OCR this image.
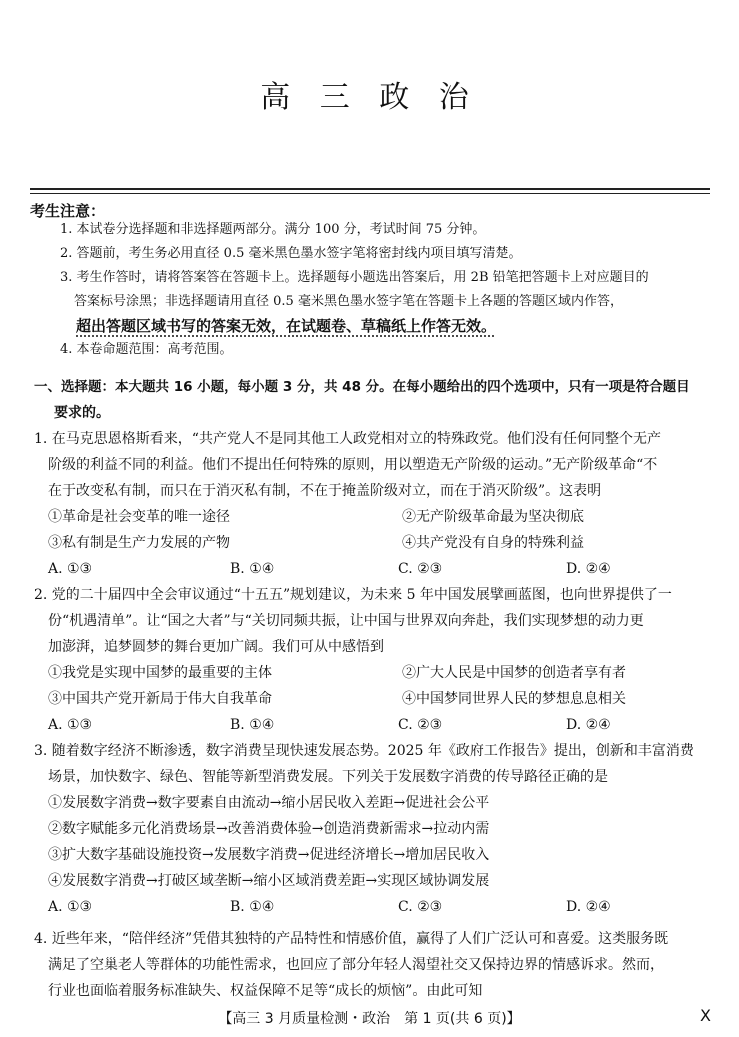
高 三 政 治
考生注意：
1. 本试卷分选择题和非选择题两部分。满分 100 分，考试时间 75 分钟。
2. 答题前，考生务必用直径 0.5 毫米黑色墨水签字笔将密封线内项目填写清楚。
3. 考生作答时，请将答案答在答题卡上。选择题每小题选出答案后，用 2B 铅笔把答题卡上对应题目的
答案标号涂黑；非选择题请用直径 0.5 毫米黑色墨水签字笔在答题卡上各题的答题区域内作答，
超出答题区域书写的答案无效，在试题卷、草稿纸上作答无效。
4. 本卷命题范围：高考范围。
一、选择题：本大题共 16 小题，每小题 3 分，共 48 分。在每小题给出的四个选项中，只有一项是符合题目
要求的。
1. 在马克思恩格斯看来，“共产党人不是同其他工人政党相对立的特殊政党。他们没有任何同整个无产
阶级的利益不同的利益。他们不提出任何特殊的原则，用以塑造无产阶级的运动。”无产阶级革命“不
在于改变私有制，而只在于消灭私有制，不在于掩盖阶级对立，而在于消灭阶级”。这表明
①革命是社会变革的唯一途径	②无产阶级革命最为坚决彻底
③私有制是生产力发展的产物	④共产党没有自身的特殊利益
A. ①③	B. ①④	C. ②③	D. ②④
2. 党的二十届四中全会审议通过“十五五”规划建议，为未来 5 年中国发展擘画蓝图，也向世界提供了一
份“机遇清单”。让“国之大者”与“关切同频共振，让中国与世界双向奔赴，我们实现梦想的动力更
加澎湃，追梦圆梦的舞台更加广阔。我们可从中感悟到
①我党是实现中国梦的最重要的主体	②广大人民是中国梦的创造者享有者
③中国共产党开新局于伟大自我革命	④中国梦同世界人民的梦想息息相关
A. ①③	B. ①④	C. ②③	D. ②④
3. 随着数字经济不断渗透，数字消费呈现快速发展态势。2025 年《政府工作报告》提出，创新和丰富消费
场景，加快数字、绿色、智能等新型消费发展。下列关于发展数字消费的传导路径正确的是
①发展数字消费→数字要素自由流动→缩小居民收入差距→促进社会公平
②数字赋能多元化消费场景→改善消费体验→创造消费新需求→拉动内需
③扩大数字基础设施投资→发展数字消费→促进经济增长→增加居民收入
④发展数字消费→打破区域垄断→缩小区域消费差距→实现区域协调发展
A. ①③	B. ①④	C. ②③	D. ②④
4. 近些年来，“陪伴经济”凭借其独特的产品特性和情感价值，赢得了人们广泛认可和喜爱。这类服务既
满足了空巢老人等群体的功能性需求，也回应了部分年轻人渴望社交又保持边界的情感诉求。然而，
行业也面临着服务标准缺失、权益保障不足等“成长的烦恼”。由此可知
【高三 3 月质量检测・政治　第 1 页(共 6 页)】	X
